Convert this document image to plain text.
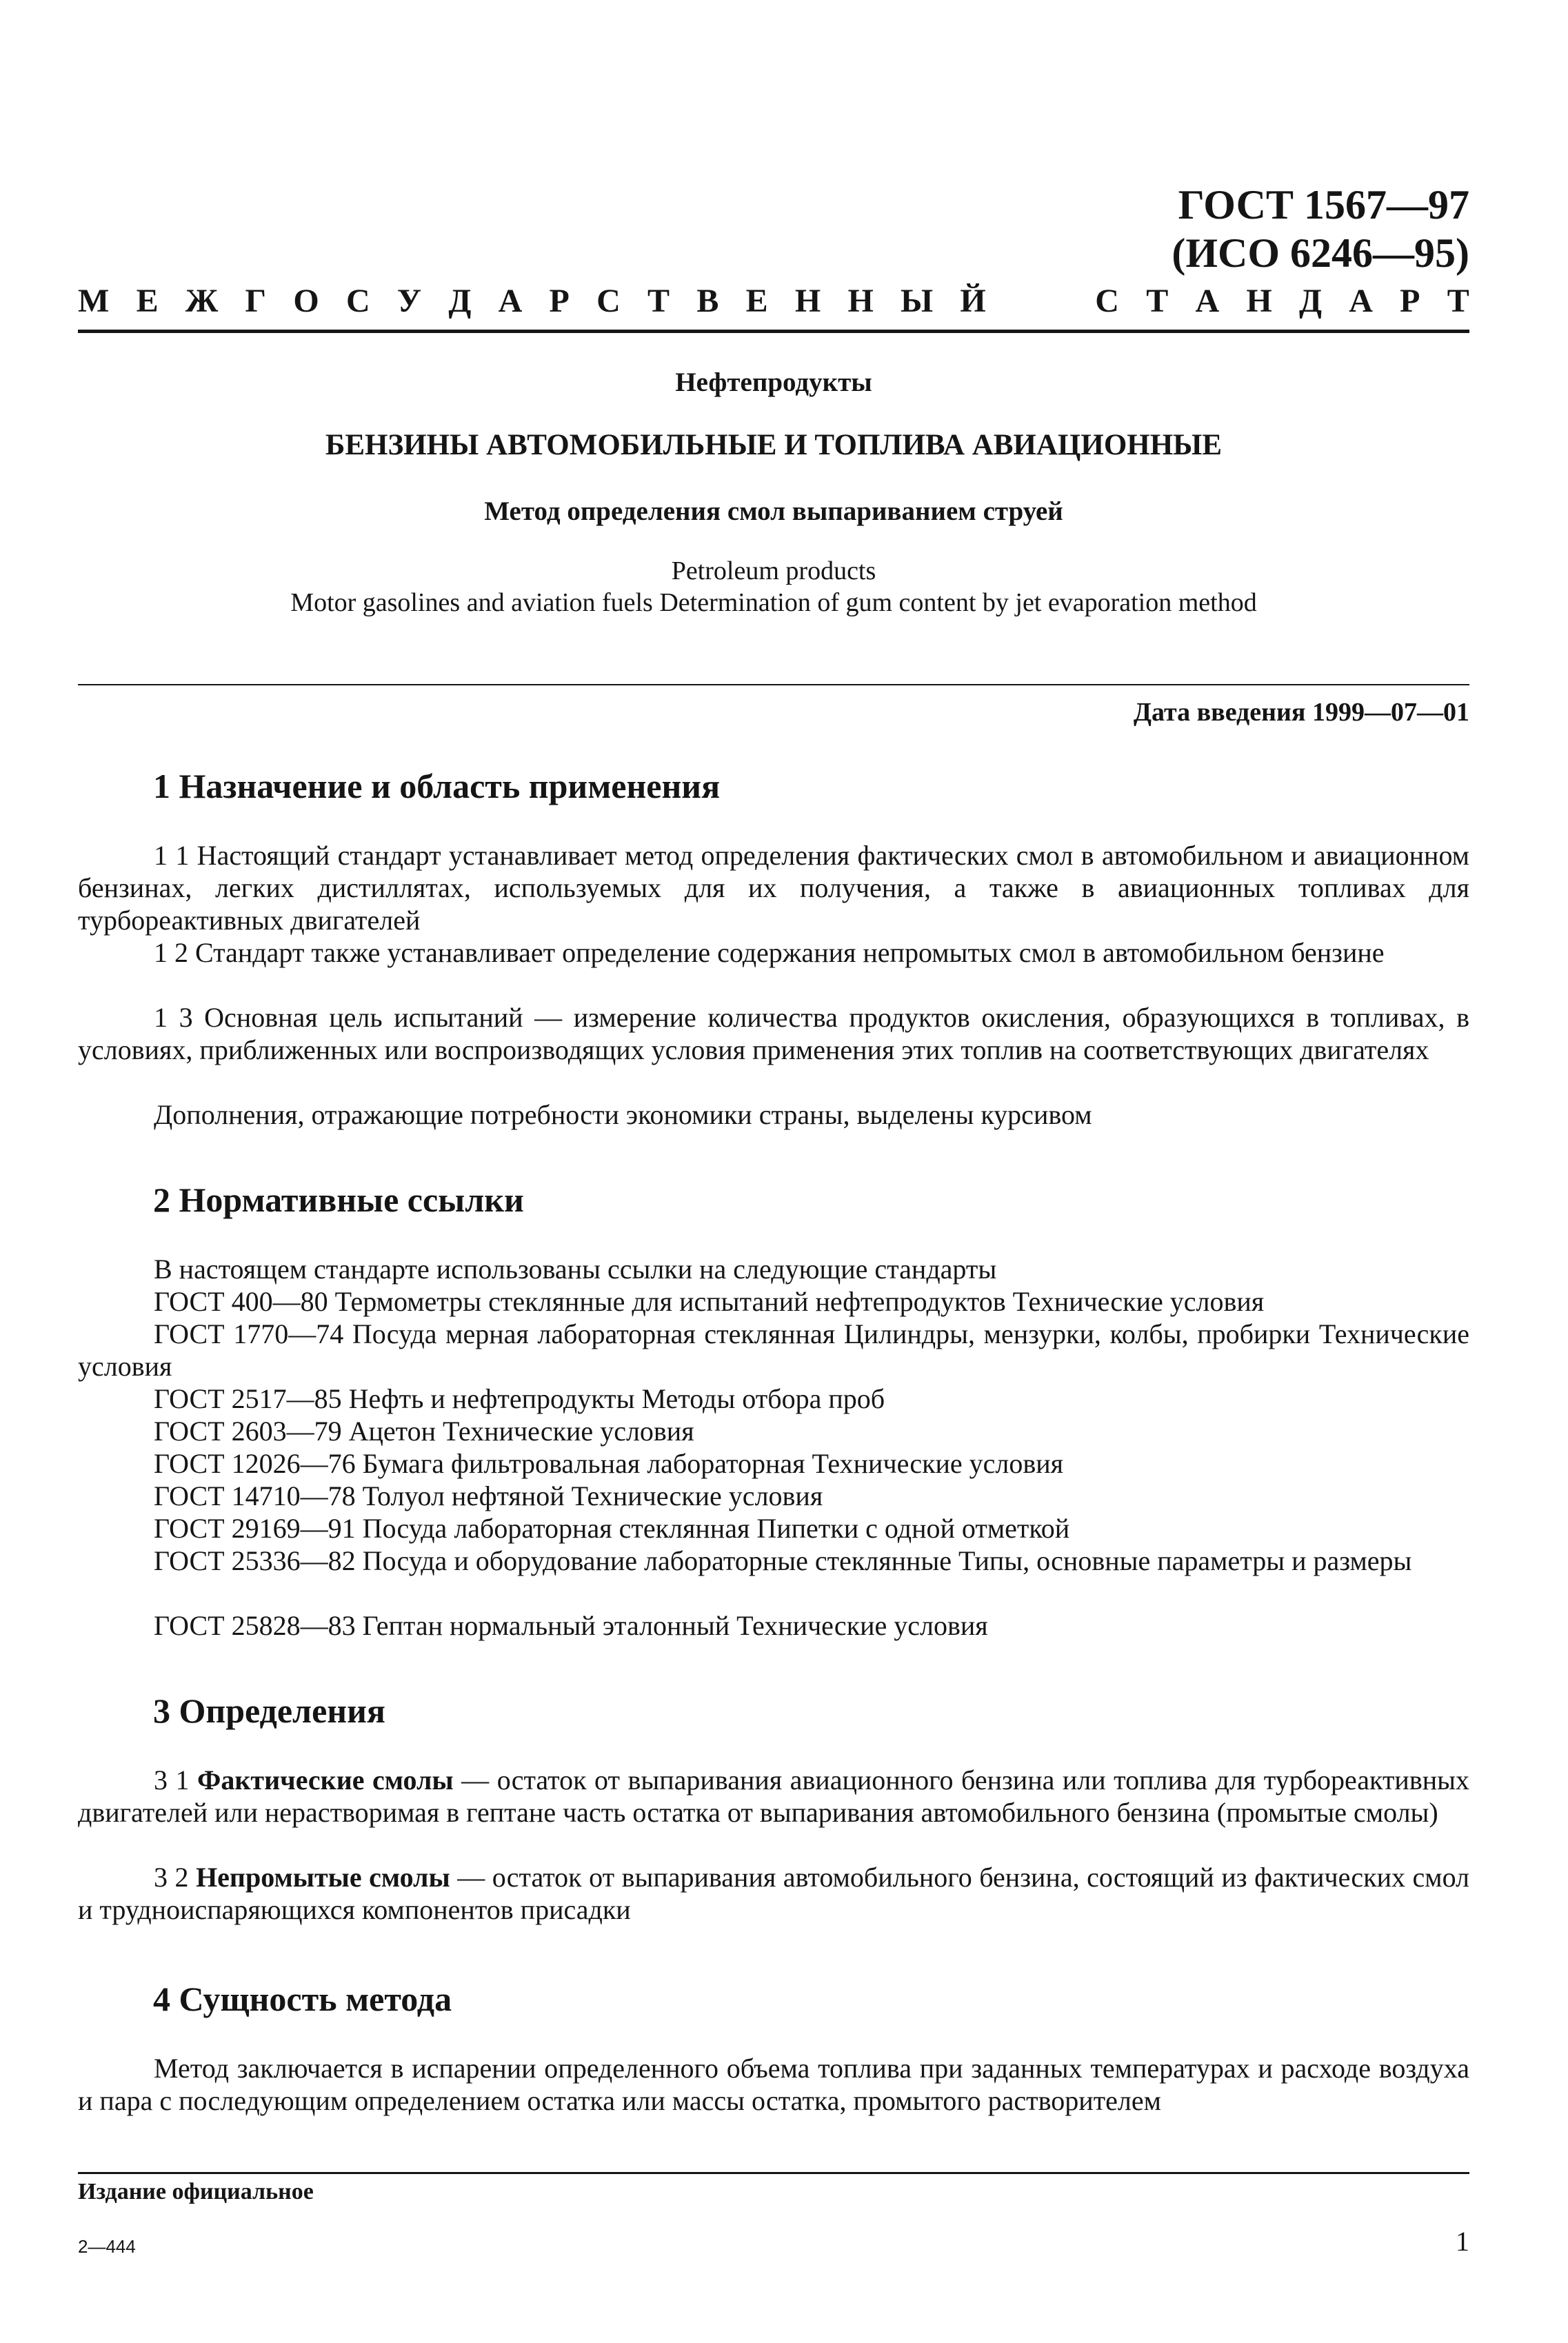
ГОСТ 1567—97
(ИСО 6246—95)
М Е Ж Г О С У Д А Р С Т В Е Н Н Ы Й	С Т А Н Д А Р Т
Нефтепродукты
БЕНЗИНЫ АВТОМОБИЛЬНЫЕ И ТОПЛИВА АВИАЦИОННЫЕ
Метод определения смол выпариванием струей
Petroleum products
Motor gasolines and aviation fuels Determination of gum content by jet evaporation method
Дата введения 1999—07—01
1 Назначение и область применения
1 1 Настоящий стандарт устанавливает метод определения фактических смол в автомобильном и авиационном бензинах, легких дистиллятах, используемых для их получения, а также в авиационных топливах для турбореактивных двигателей
1 2 Стандарт также устанавливает определение содержания непромытых смол в автомобильном бензине
1 3 Основная цель испытаний — измерение количества продуктов окисления, образующихся в топливах, в условиях, приближенных или воспроизводящих условия применения этих топлив на соответствующих двигателях
Дополнения, отражающие потребности экономики страны, выделены курсивом
2 Нормативные ссылки
В настоящем стандарте использованы ссылки на следующие стандарты
ГОСТ 400—80 Термометры стеклянные для испытаний нефтепродуктов Технические условия
ГОСТ 1770—74 Посуда мерная лабораторная стеклянная Цилиндры, мензурки, колбы, пробирки Технические условия
ГОСТ 2517—85 Нефть и нефтепродукты Методы отбора проб
ГОСТ 2603—79 Ацетон Технические условия
ГОСТ 12026—76 Бумага фильтровальная лабораторная Технические условия
ГОСТ 14710—78 Толуол нефтяной Технические условия
ГОСТ 29169—91 Посуда лабораторная стеклянная Пипетки с одной отметкой
ГОСТ 25336—82 Посуда и оборудование лабораторные стеклянные Типы, основные параметры и размеры
ГОСТ 25828—83 Гептан нормальный эталонный Технические условия
3 Определения
3 1 Фактические смолы — остаток от выпаривания авиационного бензина или топлива для турбореактивных двигателей или нерастворимая в гептане часть остатка от выпаривания автомобильного бензина (промытые смолы)
3 2 Непромытые смолы — остаток от выпаривания автомобильного бензина, состоящий из фактических смол и трудноиспаряющихся компонентов присадки
4 Сущность метода
Метод заключается в испарении определенного объема топлива при заданных температурах и расходе воздуха и пара с последующим определением остатка или массы остатка, промытого растворителем
Издание официальное
2—444	1
